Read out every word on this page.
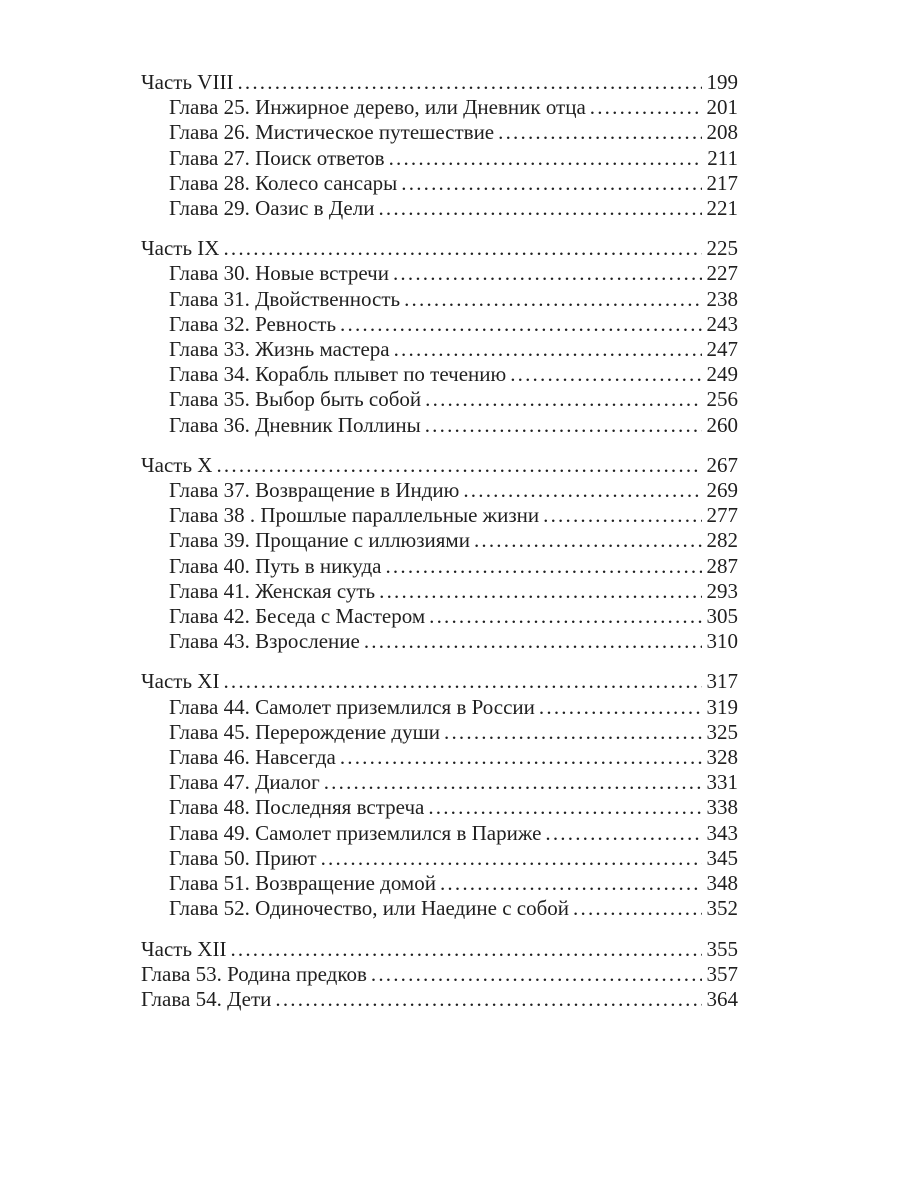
Часть VIII .....	199
Глава 25. Инжирное дерево, или Дневник отца .....	201
Глава 26. Мистическое путешествие .....	208
Глава 27. Поиск ответов .....	211
Глава 28. Колесо сансары .....	217
Глава 29. Оазис в Дели .....	221
Часть IX .....	225
Глава 30. Новые встречи .....	227
Глава 31. Двойственность .....	238
Глава 32. Ревность .....	243
Глава 33. Жизнь мастера .....	247
Глава 34. Корабль плывет по течению .....	249
Глава 35. Выбор быть собой .....	256
Глава 36. Дневник Поллины .....	260
Часть X .....	267
Глава 37. Возвращение в Индию .....	269
Глава 38 . Прошлые параллельные жизни .....	277
Глава 39. Прощание с иллюзиями .....	282
Глава 40. Путь в никуда .....	287
Глава 41. Женская суть .....	293
Глава 42. Беседа с Мастером .....	305
Глава 43. Взросление .....	310
Часть XI .....	317
Глава 44. Самолет приземлился в России .....	319
Глава 45. Перерождение души .....	325
Глава 46. Навсегда .....	328
Глава 47. Диалог .....	331
Глава 48. Последняя встреча .....	338
Глава 49. Самолет приземлился в Париже .....	343
Глава 50. Приют .....	345
Глава 51. Возвращение домой .....	348
Глава 52. Одиночество, или Наедине с собой .....	352
Часть XII .....	355
Глава 53. Родина предков .....	357
Глава 54. Дети .....	364
